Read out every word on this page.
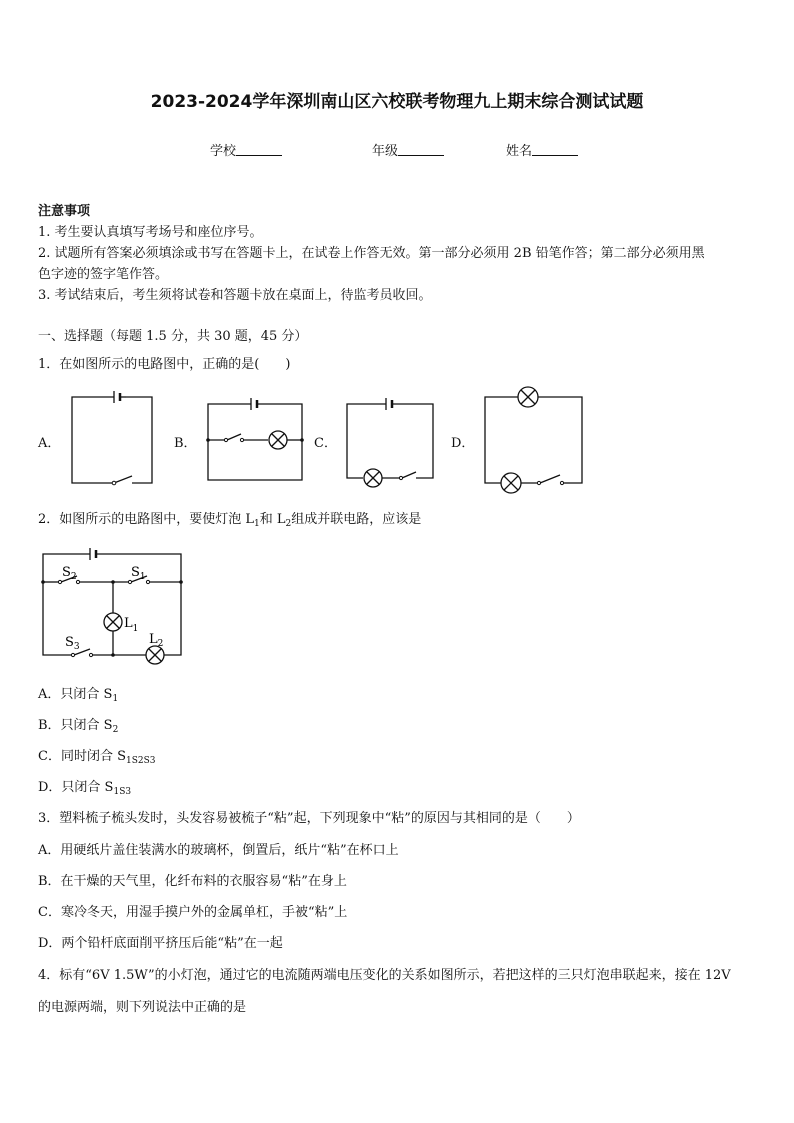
2023-2024学年深圳南山区六校联考物理九上期末综合测试试题
学校	年级	姓名
注意事项
1. 考生要认真填写考场号和座位序号。
2. 试题所有答案必须填涂或书写在答题卡上，在试卷上作答无效。第一部分必须用 2B 铅笔作答；第二部分必须用黑
色字迹的签字笔作答。
3. 考试结束后，考生须将试卷和答题卡放在桌面上，待监考员收回。
一、选择题（每题 1.5 分，共 30 题，45 分）
1．在如图所示的电路图中，正确的是(　　)
A．	B．	C．	D．
2．如图所示的电路图中，要使灯泡 $L_1$和 $L_2$组成并联电路，应该是
$S_2$	$S_1$
$S_3$
$L_1$
$L_2$
A．只闭合 $S_1$
B．只闭合 $S_2$
C．同时闭合 $S_{1S2S3}$
D．只闭合 $S_{1S3}$
3．塑料梳子梳头发时，头发容易被梳子“粘”起，下列现象中“粘”的原因与其相同的是（　　）
A．用硬纸片盖住装满水的玻璃杯，倒置后，纸片“粘”在杯口上
B．在干燥的天气里，化纤布料的衣服容易“粘”在身上
C．寒冷冬天，用湿手摸户外的金属单杠，手被“粘”上
D．两个铅杆底面削平挤压后能“粘”在一起
4．标有“6V 1.5W”的小灯泡，通过它的电流随两端电压变化的关系如图所示，若把这样的三只灯泡串联起来，接在 12V
的电源两端，则下列说法中正确的是
